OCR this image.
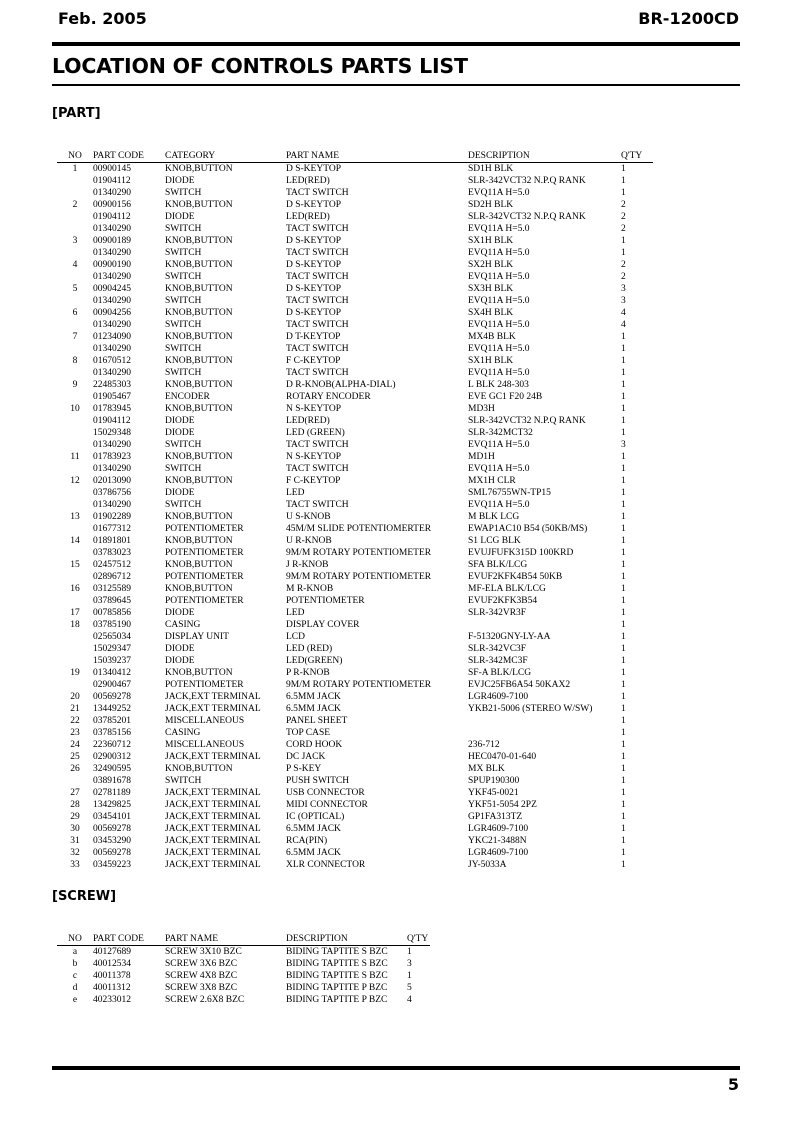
Feb. 2005	BR-1200CD
LOCATION OF CONTROLS PARTS LIST
[PART]
NO	PART CODE	CATEGORY	PART NAME	DESCRIPTION	Q'TY
1	00900145	KNOB,BUTTON	D S-KEYTOP	SD1H BLK	1
	01904112	DIODE	LED(RED)	SLR-342VCT32 N.P.Q RANK	1
	01340290	SWITCH	TACT SWITCH	EVQ11A H=5.0	1
2	00900156	KNOB,BUTTON	D S-KEYTOP	SD2H BLK	2
	01904112	DIODE	LED(RED)	SLR-342VCT32 N.P.Q RANK	2
	01340290	SWITCH	TACT SWITCH	EVQ11A H=5.0	2
3	00900189	KNOB,BUTTON	D S-KEYTOP	SX1H BLK	1
	01340290	SWITCH	TACT SWITCH	EVQ11A H=5.0	1
4	00900190	KNOB,BUTTON	D S-KEYTOP	SX2H BLK	2
	01340290	SWITCH	TACT SWITCH	EVQ11A H=5.0	2
5	00904245	KNOB,BUTTON	D S-KEYTOP	SX3H BLK	3
	01340290	SWITCH	TACT SWITCH	EVQ11A H=5.0	3
6	00904256	KNOB,BUTTON	D S-KEYTOP	SX4H BLK	4
	01340290	SWITCH	TACT SWITCH	EVQ11A H=5.0	4
7	01234090	KNOB,BUTTON	D T-KEYTOP	MX4B BLK	1
	01340290	SWITCH	TACT SWITCH	EVQ11A H=5.0	1
8	01670512	KNOB,BUTTON	F C-KEYTOP	SX1H BLK	1
	01340290	SWITCH	TACT SWITCH	EVQ11A H=5.0	1
9	22485303	KNOB,BUTTON	D R-KNOB(ALPHA-DIAL)	L BLK 248-303	1
	01905467	ENCODER	ROTARY ENCODER	EVE GC1 F20 24B	1
10	01783945	KNOB,BUTTON	N S-KEYTOP	MD3H	1
	01904112	DIODE	LED(RED)	SLR-342VCT32 N.P.Q RANK	1
	15029348	DIODE	LED (GREEN)	SLR-342MCT32	1
	01340290	SWITCH	TACT SWITCH	EVQ11A H=5.0	3
11	01783923	KNOB,BUTTON	N S-KEYTOP	MD1H	1
	01340290	SWITCH	TACT SWITCH	EVQ11A H=5.0	1
12	02013090	KNOB,BUTTON	F C-KEYTOP	MX1H CLR	1
	03786756	DIODE	LED	SML76755WN-TP15	1
	01340290	SWITCH	TACT SWITCH	EVQ11A H=5.0	1
13	01902289	KNOB,BUTTON	U S-KNOB	M BLK LCG	1
	01677312	POTENTIOMETER	45M/M SLIDE POTENTIOMERTER	EWAP1AC10 B54 (50KB/MS)	1
14	01891801	KNOB,BUTTON	U R-KNOB	S1 LCG BLK	1
	03783023	POTENTIOMETER	9M/M ROTARY POTENTIOMETER	EVUJFUFK315D 100KRD	1
15	02457512	KNOB,BUTTON	J R-KNOB	SFA BLK/LCG	1
	02896712	POTENTIOMETER	9M/M ROTARY POTENTIOMETER	EVUF2KFK4B54 50KB	1
16	03125589	KNOB,BUTTON	M R-KNOB	MF-ELA BLK/LCG	1
	03789645	POTENTIOMETER	POTENTIOMETER	EVUF2KFK3B54	1
17	00785856	DIODE	LED	SLR-342VR3F	1
18	03785190	CASING	DISPLAY COVER		1
	02565034	DISPLAY UNIT	LCD	F-51320GNY-LY-AA	1
	15029347	DIODE	LED (RED)	SLR-342VC3F	1
	15039237	DIODE	LED(GREEN)	SLR-342MC3F	1
19	01340412	KNOB,BUTTON	P R-KNOB	SF-A BLK/LCG	1
	02900467	POTENTIOMETER	9M/M ROTARY POTENTIOMETER	EVJC25FB6A54 50KAX2	1
20	00569278	JACK,EXT TERMINAL	6.5MM JACK	LGR4609-7100	1
21	13449252	JACK,EXT TERMINAL	6.5MM JACK	YKB21-5006 (STEREO W/SW)	1
22	03785201	MISCELLANEOUS	PANEL SHEET		1
23	03785156	CASING	TOP CASE		1
24	22360712	MISCELLANEOUS	CORD HOOK	236-712	1
25	02900312	JACK,EXT TERMINAL	DC JACK	HEC0470-01-640	1
26	32490595	KNOB,BUTTON	P S-KEY	MX BLK	1
	03891678	SWITCH	PUSH SWITCH	SPUP190300	1
27	02781189	JACK,EXT TERMINAL	USB CONNECTOR	YKF45-0021	1
28	13429825	JACK,EXT TERMINAL	MIDI CONNECTOR	YKF51-5054 2PZ	1
29	03454101	JACK,EXT TERMINAL	IC (OPTICAL)	GP1FA313TZ	1
30	00569278	JACK,EXT TERMINAL	6.5MM JACK	LGR4609-7100	1
31	03453290	JACK,EXT TERMINAL	RCA(PIN)	YKC21-3488N	1
32	00569278	JACK,EXT TERMINAL	6.5MM JACK	LGR4609-7100	1
33	03459223	JACK,EXT TERMINAL	XLR CONNECTOR	JY-5033A	1
[SCREW]
NO	PART CODE	PART NAME	DESCRIPTION	Q'TY
a	40127689	SCREW 3X10 BZC	BIDING TAPTITE S BZC	1
b	40012534	SCREW 3X6 BZC	BIDING TAPTITE S BZC	3
c	40011378	SCREW 4X8 BZC	BIDING TAPTITE S BZC	1
d	40011312	SCREW 3X8 BZC	BIDING TAPTITE P BZC	5
e	40233012	SCREW 2.6X8 BZC	BIDING TAPTITE P BZC	4
5
